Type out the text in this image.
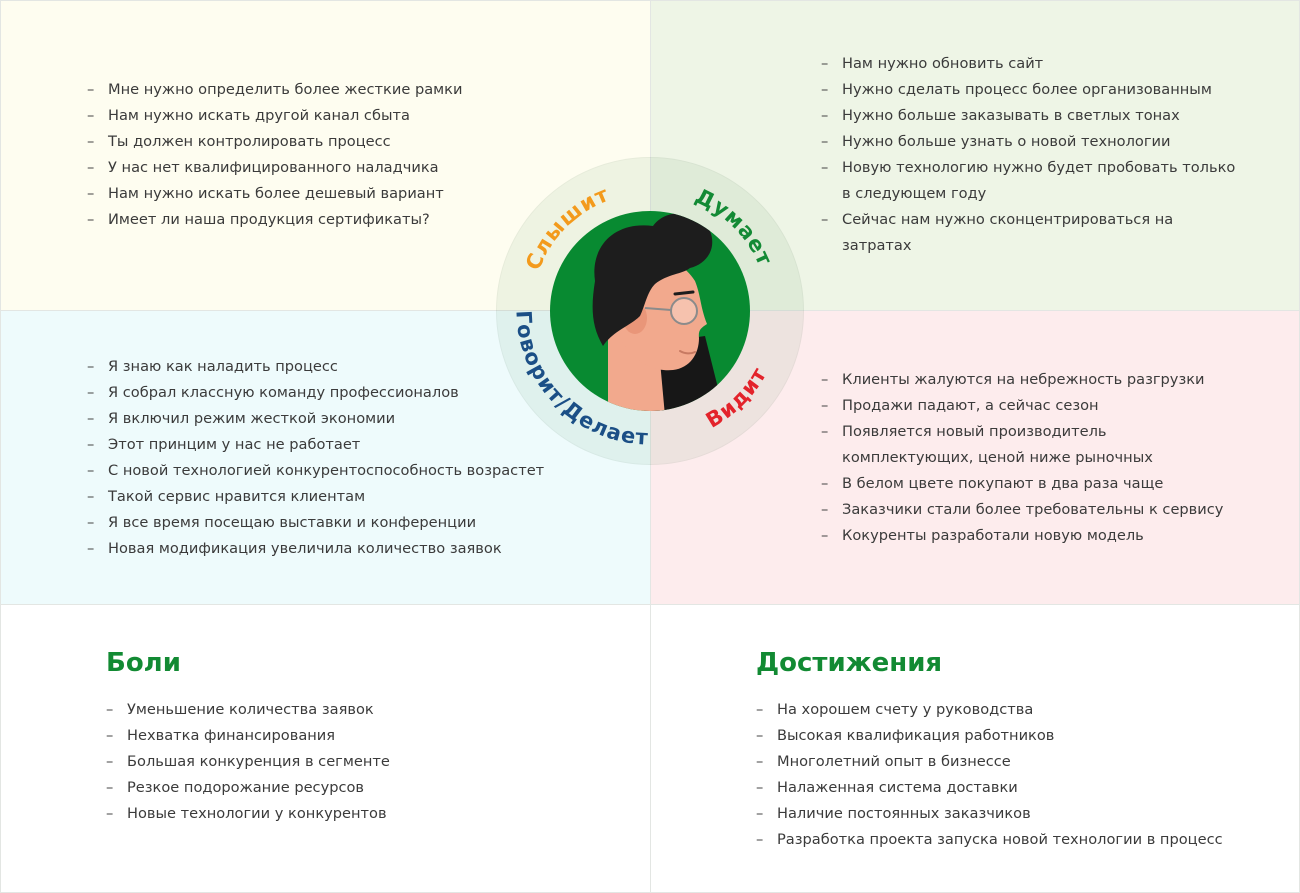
– Мне нужно определить более жесткие рамки
– Нам нужно искать другой канал сбыта
– Ты должен контролировать процесс
– У нас нет квалифицированного наладчика
– Нам нужно искать более дешевый вариант
– Имеет ли наша продукция сертификаты?
– Нам нужно обновить сайт
– Нужно сделать процесс более организованным
– Нужно больше заказывать в светлых тонах
– Нужно больше узнать о новой технологии
– Новую технологию нужно будет пробовать только в следующем году
– Сейчас нам нужно сконцентрироваться на затратах
– Я знаю как наладить процесс
– Я собрал классную команду профессионалов
– Я включил режим жесткой экономии
– Этот принцим у нас не работает
– С новой технологией конкурентоспособность возрастет
– Такой сервис нравится клиентам
– Я все время посещаю выставки и конференции
– Новая модификация увеличила количество заявок
– Клиенты жалуются на небрежность разгрузки
– Продажи падают, а сейчас сезон
– Появляется новый производитель комплектующих, ценой ниже рыночных
– В белом цвете покупают в два раза чаще
– Заказчики стали более требовательны к сервису
– Кокуренты разработали новую модель
Боли
– Уменьшение количества заявок
– Нехватка финансирования
– Большая конкуренция в сегменте
– Резкое подорожание ресурсов
– Новые технологии у конкурентов
Достижения
– На хорошем счету у руководства
– Высокая квалификация работников
– Многолетний опыт в бизнессе
– Налаженная система доставки
– Наличие постоянных заказчиков
– Разработка проекта запуска новой технологии в процесс
Слышит	Думает
Видит
Говорит/Делает
